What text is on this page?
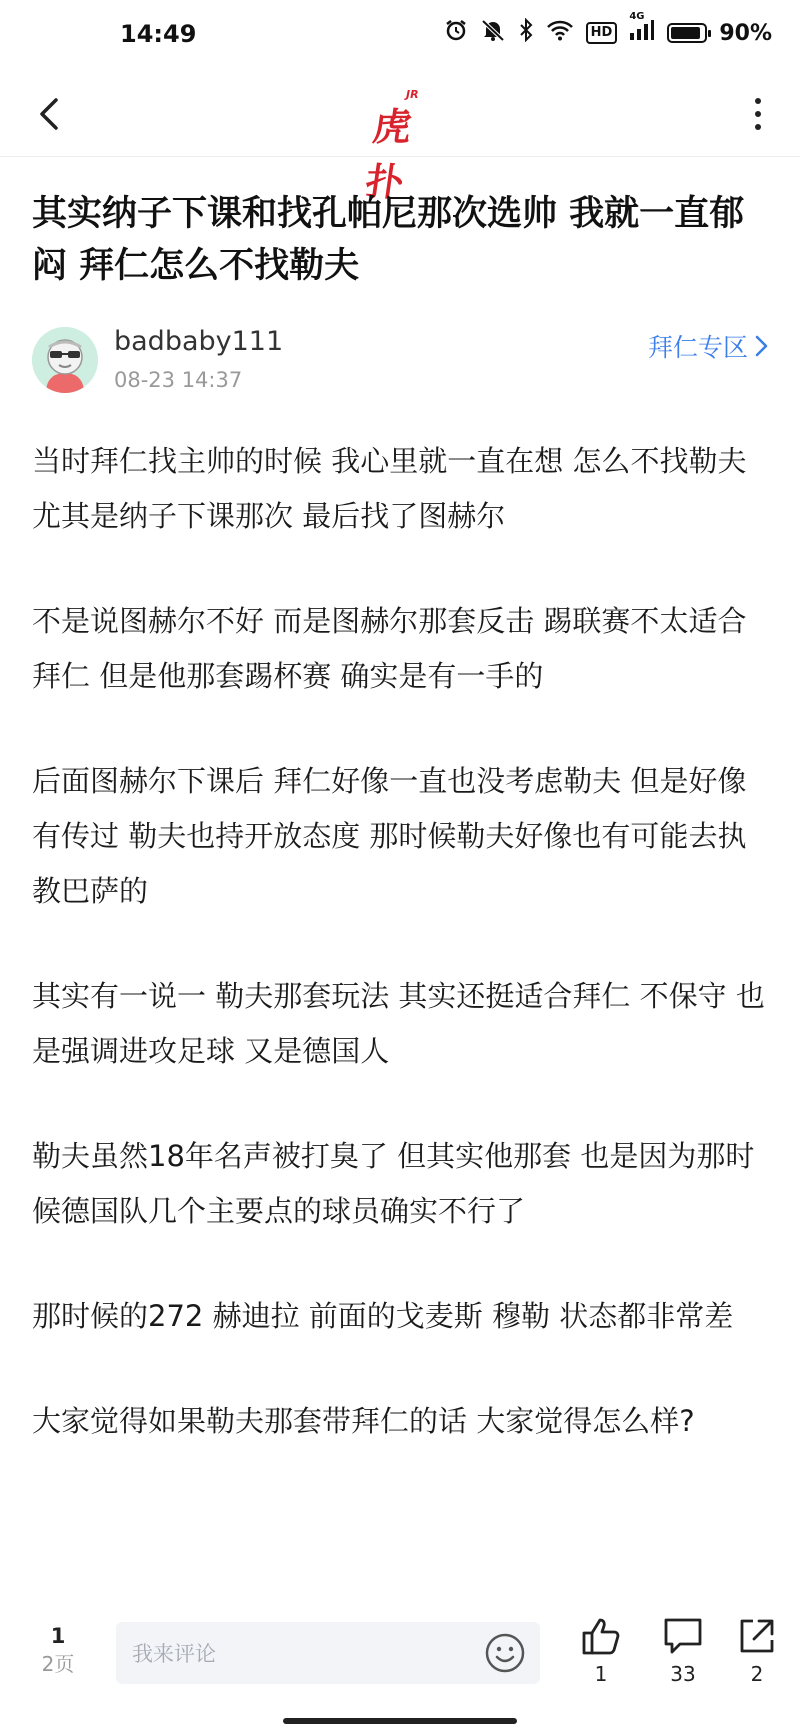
14:49	HD
4G
90%
JR
虎扑
其实纳子下课和找孔帕尼那次选帅 我就一直郁闷 拜仁怎么不找勒夫
badbaby111
08-23 14:37
拜仁专区

当时拜仁找主帅的时候 我心里就一直在想 怎么不找勒夫 尤其是纳子下课那次 最后找了图赫尔

不是说图赫尔不好 而是图赫尔那套反击 踢联赛不太适合拜仁 但是他那套踢杯赛 确实是有一手的

后面图赫尔下课后 拜仁好像一直也没考虑勒夫 但是好像有传过 勒夫也持开放态度 那时候勒夫好像也有可能去执教巴萨的

其实有一说一 勒夫那套玩法 其实还挺适合拜仁 不保守 也是强调进攻足球 又是德国人

勒夫虽然18年名声被打臭了 但其实他那套 也是因为那时候德国队几个主要点的球员确实不行了

那时候的272 赫迪拉 前面的戈麦斯 穆勒 状态都非常差

大家觉得如果勒夫那套带拜仁的话 大家觉得怎么样?

1
2页	我来评论
1	33	2
